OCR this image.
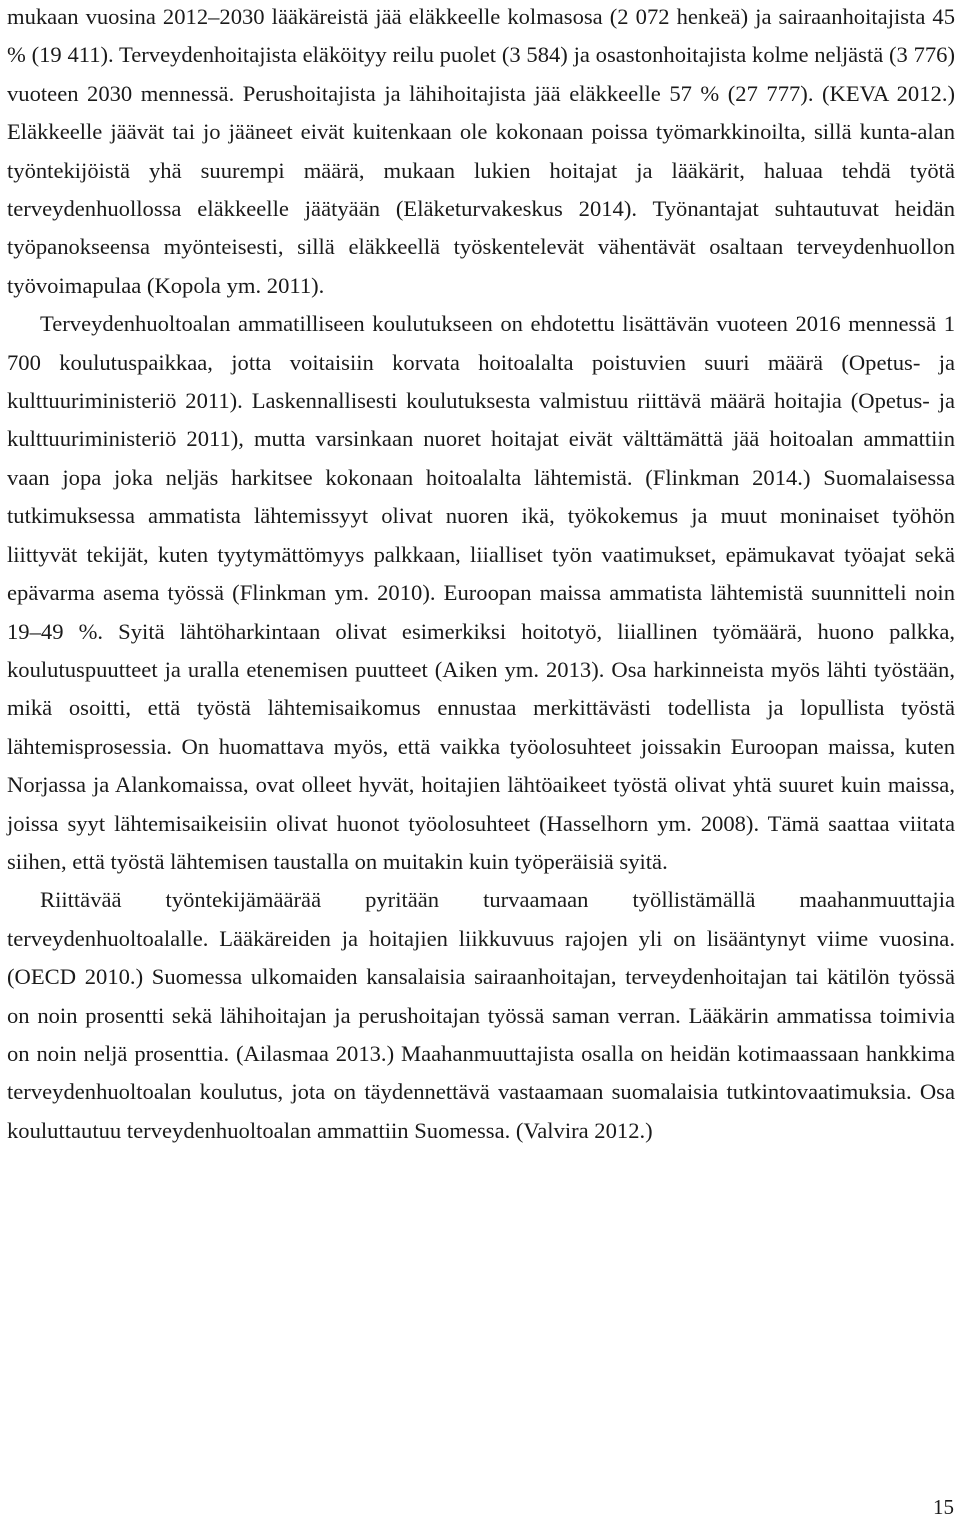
mukaan vuosina 2012–2030 lääkäreistä jää eläkkeelle kolmasosa (2 072 henkeä) ja sairaanhoitajista 45 % (19 411). Terveydenhoitajista eläköityy reilu puolet (3 584) ja osastonhoitajista kolme neljästä (3 776) vuoteen 2030 mennessä. Perushoitajista ja lähihoitajista jää eläkkeelle 57 % (27 777). (KEVA 2012.) Eläkkeelle jäävät tai jo jääneet eivät kuitenkaan ole kokonaan poissa työmarkkinoilta, sillä kunta-alan työntekijöistä yhä suurempi määrä, mukaan lukien hoitajat ja lääkärit, haluaa tehdä työtä terveydenhuollossa eläkkeelle jäätyään (Eläketurvakeskus 2014). Työnantajat suhtautuvat heidän työpanokseensa myönteisesti, sillä eläkkeellä työskentelevät vähentävät osaltaan terveydenhuollon työvoimapulaa (Kopola ym. 2011).

Terveydenhuoltoalan ammatilliseen koulutukseen on ehdotettu lisättävän vuoteen 2016 mennessä 1 700 koulutuspaikkaa, jotta voitaisiin korvata hoitoalalta poistuvien suuri määrä (Opetus- ja kulttuuriministeriö 2011). Laskennallisesti koulutuksesta valmistuu riittävä määrä hoitajia (Opetus- ja kulttuuriministeriö 2011), mutta varsinkaan nuoret hoitajat eivät välttämättä jää hoitoalan ammattiin vaan jopa joka neljäs harkitsee kokonaan hoitoalalta lähtemistä. (Flinkman 2014.) Suomalaisessa tutkimuksessa ammatista lähtemissyyt olivat nuoren ikä, työkokemus ja muut moninaiset työhön liittyvät tekijät, kuten tyytymättömyys palkkaan, liialliset työn vaatimukset, epämukavat työajat sekä epävarma asema työssä (Flinkman ym. 2010). Euroopan maissa ammatista lähtemistä suunnitteli noin 19–49 %. Syitä lähtöharkintaan olivat esimerkiksi hoitotyö, liiallinen työmäärä, huono palkka, koulutuspuutteet ja uralla etenemisen puutteet (Aiken ym. 2013). Osa harkinneista myös lähti työstään, mikä osoitti, että työstä lähtemisaikomus ennustaa merkittävästi todellista ja lopullista työstä lähtemisprosessia. On huomattava myös, että vaikka työolosuhteet joissakin Euroopan maissa, kuten Norjassa ja Alankomaissa, ovat olleet hyvät, hoitajien lähtöaikeet työstä olivat yhtä suuret kuin maissa, joissa syyt lähtemisaikeisiin olivat huonot työolosuhteet (Hasselhorn ym. 2008). Tämä saattaa viitata siihen, että työstä lähtemisen taustalla on muitakin kuin työperäisiä syitä.

Riittävää työntekijämäärää pyritään turvaamaan työllistämällä maahanmuuttajia terveydenhuoltoalalle. Lääkäreiden ja hoitajien liikkuvuus rajojen yli on lisääntynyt viime vuosina. (OECD 2010.) Suomessa ulkomaiden kansalaisia sairaanhoitajan, terveydenhoitajan tai kätilön työssä on noin prosentti sekä lähihoitajan ja perushoitajan työssä saman verran. Lääkärin ammatissa toimivia on noin neljä prosenttia. (Ailasmaa 2013.) Maahanmuuttajista osalla on heidän kotimaassaan hankkima terveydenhuoltoalan koulutus, jota on täydennettävä vastaamaan suomalaisia tutkintovaatimuksia. Osa kouluttautuu terveydenhuoltoalan ammattiin Suomessa. (Valvira 2012.)

15
